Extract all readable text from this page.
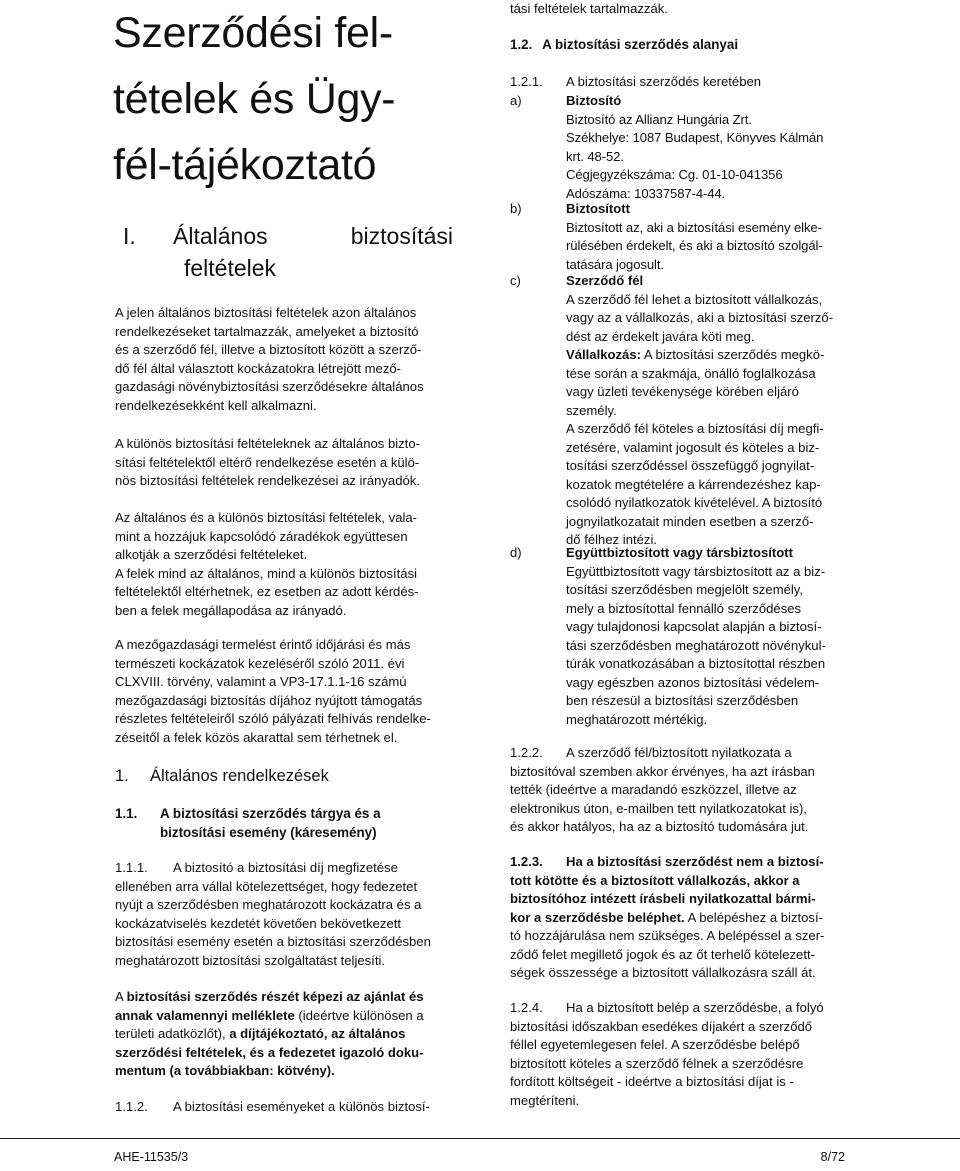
Szerződési fel-
tételek és Ügy-
fél-tájékoztató
I. Általános	biztosítási
feltételek

A jelen általános biztosítási feltételek azon általános

rendelkezéseket tartalmazzák, amelyeket a biztosító

és a szerződő fél, illetve a biztosított között a szerző-

dő fél által választott kockázatokra létrejött mező-

gazdasági növénybiztosítási szerződésekre általános

rendelkezésekként kell alkalmazni.

A különös biztosítási feltételeknek az általános bizto-

sítási feltételektől eltérő rendelkezése esetén a külö-

nös biztosítási feltételek rendelkezései az irányadók.

Az általános és a különös biztosítási feltételek, vala-

mint a hozzájuk kapcsolódó záradékok együttesen

alkotják a szerződési feltételeket.

A felek mind az általános, mind a különös biztosítási

feltételektől eltérhetnek, ez esetben az adott kérdés-

ben a felek megállapodása az irányadó.

A mezőgazdasági termelést érintő időjárási és más

természeti kockázatok kezeléséről szóló 2011. évi

CLXVIII. törvény, valamint a VP3-17.1.1-16 számú

mezőgazdasági biztosítás díjához nyújtott támogatás

részletes feltételeiről szóló pályázati felhívás rendelke-

zéseitől a felek közös akarattal sem térhetnek el.

1. Általános rendelkezések

1.1. A biztosítási szerződés tárgya és a

biztosítási esemény (káresemény)

1.1.1. A biztosító a biztosítási díj megfizetése

ellenében arra vállal kötelezettséget, hogy fedezetet

nyújt a szerződésben meghatározott kockázatra és a

kockázatviselés kezdetét követően bekövetkezett

biztosítási esemény esetén a biztosítási szerződésben

meghatározott biztosítási szolgáltatást teljesíti.

A biztosítási szerződés részét képezi az ajánlat és

annak valamennyi melléklete (ideértve különösen a

területi adatközlőt), a díjtájékoztató, az általános

szerződési feltételek, és a fedezetet igazoló doku-

mentum (a továbbiakban: kötvény).

1.1.2. A biztosítási eseményeket a különös biztosí-

tási feltételek tartalmazzák.

1.2. A biztosítási szerződés alanyai

1.2.1. A biztosítási szerződés keretében

a)	Biztosító

Biztosító az Allianz Hungária Zrt.

Székhelye: 1087 Budapest, Könyves Kálmán

krt. 48-52.

Cégjegyzékszáma: Cg. 01-10-041356

Adószáma: 10337587-4-44.

b)	Biztosított

Biztosított az, aki a biztosítási esemény elke-

rülésében érdekelt, és aki a biztosító szolgál-

tatására jogosult.

c)	Szerződő fél

A szerződő fél lehet a biztosított vállalkozás,

vagy az a vállalkozás, aki a biztosítási szerző-

dést az érdekelt javára köti meg.

Vállalkozás: A biztosítási szerződés megkö-

tése során a szakmája, önálló foglalkozása

vagy üzleti tevékenysége körében eljáró

személy.

A szerződő fél köteles a biztosítási díj megfi-

zetésére, valamint jogosult és köteles a biz-

tosítási szerződéssel összefüggő jognyilat-

kozatok megtételére a kárrendezéshez kap-

csolódó nyilatkozatok kivételével. A biztosító

jognyilatkozatait minden esetben a szerző-

dő félhez intézi.

d)	Együttbiztosított vagy társbiztosított

Együttbiztosított vagy társbiztosított az a biz-

tosítási szerződésben megjelölt személy,

mely a biztosítottal fennálló szerződéses

vagy tulajdonosi kapcsolat alapján a biztosí-

tási szerződésben meghatározott növénykul-

túrák vonatkozásában a biztosítottal részben

vagy egészben azonos biztosítási védelem-

ben részesül a biztosítási szerződésben

meghatározott mértékig.

1.2.2. A szerződő fél/biztosított nyilatkozata a

biztosítóval szemben akkor érvényes, ha azt írásban

tették (ideértve a maradandó eszközzel, illetve az

elektronikus úton, e-mailben tett nyilatkozatokat is),

és akkor hatályos, ha az a biztosító tudomására jut.

1.2.3. Ha a biztosítási szerződést nem a biztosí-

tott kötötte és a biztosított vállalkozás, akkor a

biztosítóhoz intézett írásbeli nyilatkozattal bármi-

kor a szerződésbe beléphet. A belépéshez a biztosí-

tó hozzájárulása nem szükséges. A belépéssel a szer-

ződő felet megillető jogok és az őt terhelő kötelezett-

ségek összessége a biztosított vállalkozásra száll át.

1.2.4. Ha a biztosított belép a szerződésbe, a folyó

biztosítási időszakban esedékes díjakért a szerződő

féllel egyetemlegesen felel. A szerződésbe belépő

biztosított köteles a szerződő félnek a szerződésre

fordított költségeit - ideértve a biztosítási díjat is -

megtéríteni.

AHE-11535/3	8/72
